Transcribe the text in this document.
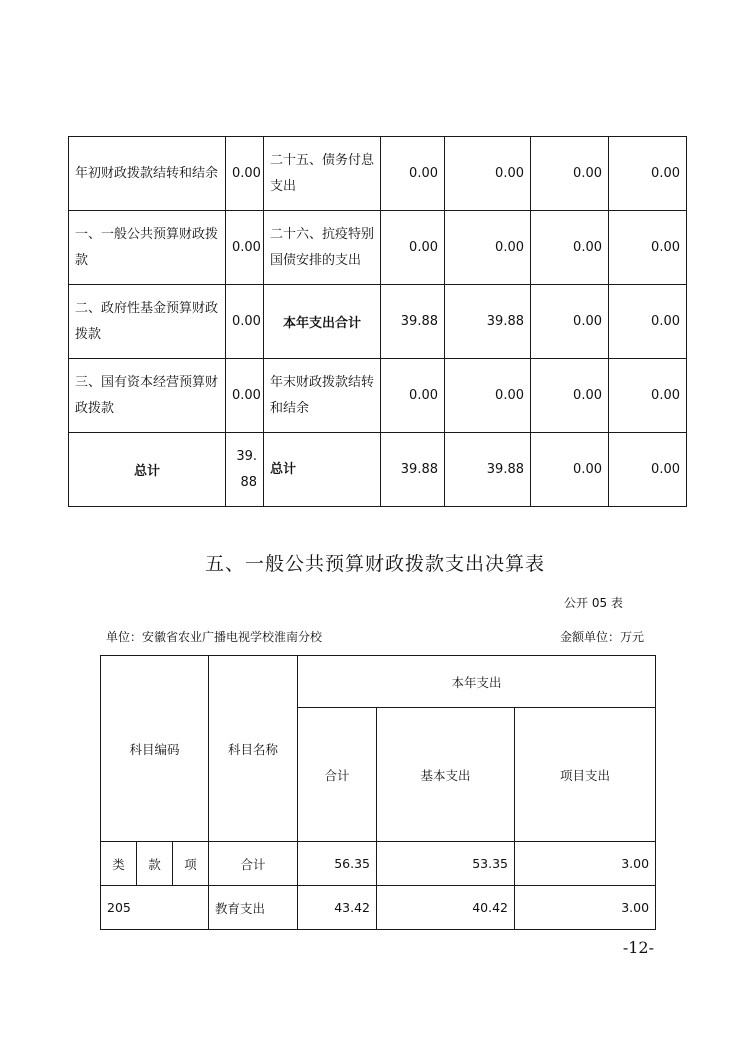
年初财政拨款结转和结余	0.00	二十五、债务付息支出	0.00	0.00	0.00	0.00
一、一般公共预算财政拨款	0.00	二十六、抗疫特别国债安排的支出	0.00	0.00	0.00	0.00
二、政府性基金预算财政拨款	0.00	本年支出合计	39.88	39.88	0.00	0.00
三、国有资本经营预算财政拨款	0.00	年末财政拨款结转和结余	0.00	0.00	0.00	0.00
总计	39.88	总计	39.88	39.88	0.00	0.00
五、一般公共预算财政拨款支出决算表
公开 05 表
单位：安徽省农业广播电视学校淮南分校	金额单位：万元
科目编码			科目名称	本年支出		
				合计	基本支出	项目支出
类	款	项	合计	56.35	53.35	3.00
205			教育支出	43.42	40.42	3.00
-12-
